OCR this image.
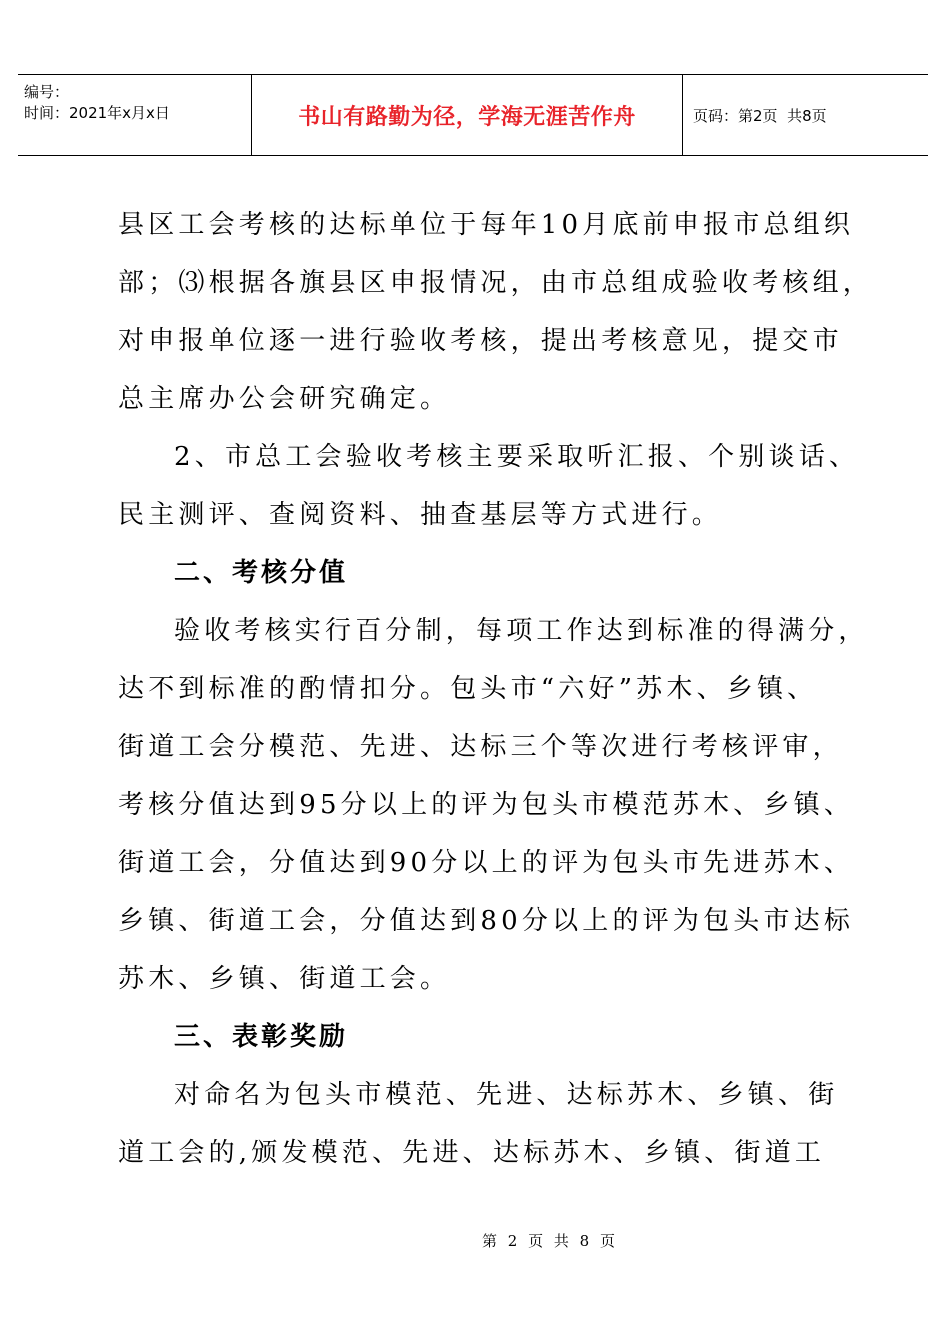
编号：
时间：2021年x月x日	书山有路勤为径，学海无涯苦作舟	页码：第2页  共8页
县区工会考核的达标单位于每年10月底前申报市总组织
部；⑶根据各旗县区申报情况，由市总组成验收考核组，
对申报单位逐一进行验收考核，提出考核意见，提交市
总主席办公会研究确定。
2、市总工会验收考核主要采取听汇报、个别谈话、
民主测评、查阅资料、抽查基层等方式进行。
二、考核分值
验收考核实行百分制，每项工作达到标准的得满分，
达不到标准的酌情扣分。包头市“六好”苏木、乡镇、
街道工会分模范、先进、达标三个等次进行考核评审，
考核分值达到95分以上的评为包头市模范苏木、乡镇、
街道工会，分值达到90分以上的评为包头市先进苏木、
乡镇、街道工会，分值达到80分以上的评为包头市达标
苏木、乡镇、街道工会。
三、表彰奖励
对命名为包头市模范、先进、达标苏木、乡镇、街
道工会的,颁发模范、先进、达标苏木、乡镇、街道工
第 2 页 共 8 页
